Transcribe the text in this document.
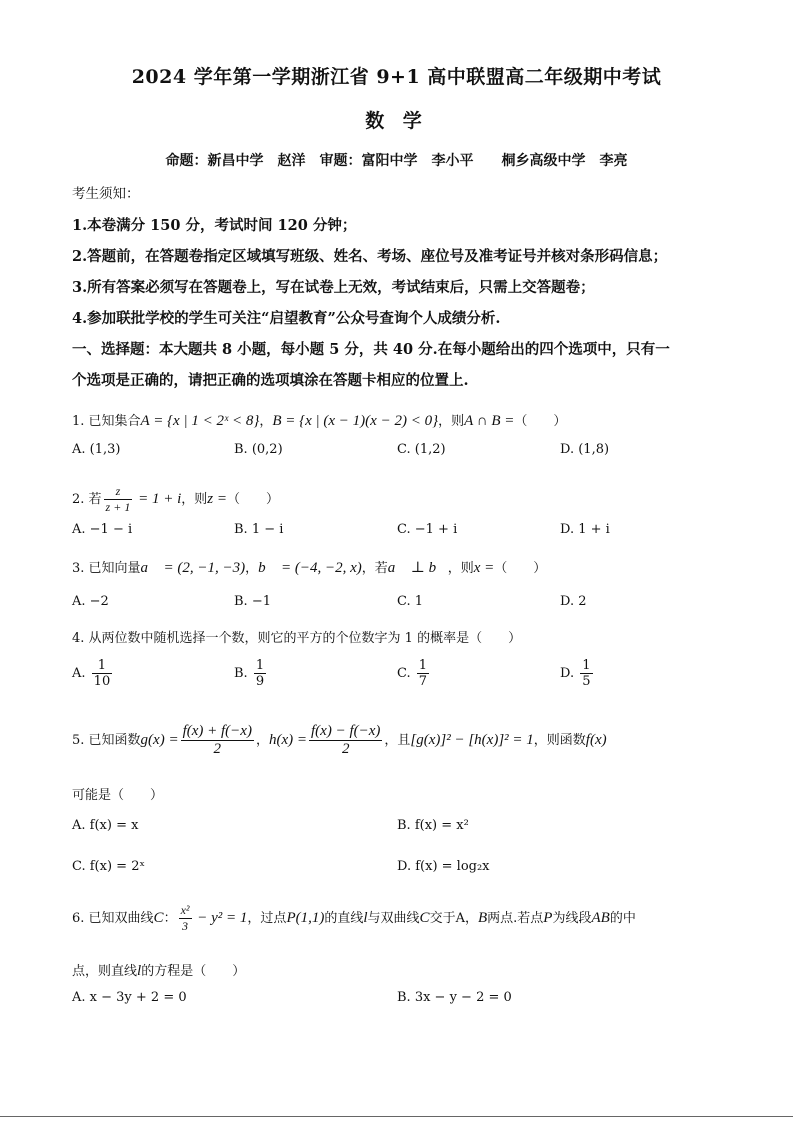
2024 学年第一学期浙江省 9+1 高中联盟高二年级期中考试
数 学
命题：新昌中学　赵洋　审题：富阳中学　李小平　　桐乡高级中学　李亮
考生须知：
1.本卷满分 150 分，考试时间 120 分钟；
2.答题前，在答题卷指定区域填写班级、姓名、考场、座位号及准考证号并核对条形码信息；
3.所有答案必须写在答题卷上，写在试卷上无效，考试结束后，只需上交答题卷；
4.参加联批学校的学生可关注“启望教育”公众号查询个人成绩分析.
一、选择题：本大题共 8 小题，每小题 5 分，共 40 分.在每小题给出的四个选项中，只有一
个选项是正确的，请把正确的选项填涂在答题卡相应的位置上.
1. 已知集合A = {x | 1 < 2ˣ < 8}，B = {x | (x − 1)(x − 2) < 0}，则A ∩ B =（　　）
A. (1,3)	B. (0,2)	C. (1,2)	D. (1,8)
2. 若 $\frac{z}{z + 1} = 1 + i$，则z =（　　）
A. −1 − i	B. 1 − i	C. −1 + i	D. 1 + i
3. 已知向量a⃗ = (2, −1, −3)，b⃗ = (−4, −2, x)，若a⃗ ⊥ b⃗，则x =（　　）
A. −2	B. −1	C. 1	D. 2
4. 从两位数中随机选择一个数，则它的平方的个位数字为 1 的概率是（　　）
A. $\frac{1}{10}$	B. $\frac{1}{9}$	C. $\frac{1}{7}$	D. $\frac{1}{5}$
5. 已知函数$g(x) = \frac{f(x) + f(-x)}{2}$ ，$h(x) = \frac{f(x) - f(-x)}{2}$ ，且[g(x)]² − [h(x)]² = 1，则函数f(x)
可能是（　　）
A. f(x) = x	B. f(x) = x²
C. f(x) = 2ˣ	D. f(x) = log₂x
6. 已知双曲线C： $\frac{\text{x²}}{3} - y^2 = 1$，过点P(1,1)的直线l与双曲线C交于A，B两点.若点P为线段AB的中
点，则直线l的方程是（　　）
A. x − 3y + 2 = 0	B. 3x − y − 2 = 0
